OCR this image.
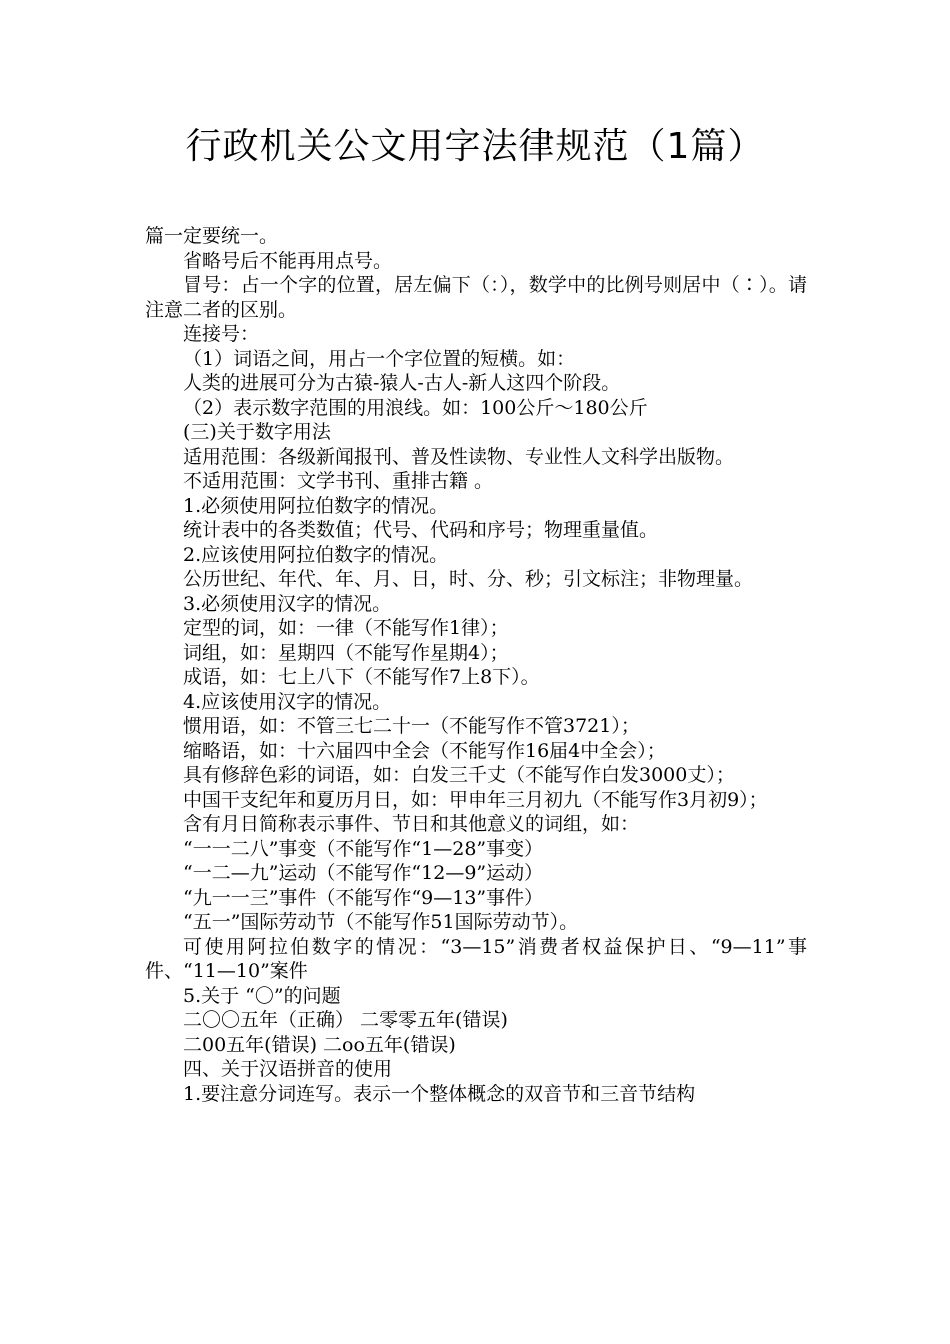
行政机关公文用字法律规范（1篇）

篇一定要统一。

省略号后不能再用点号。

冒号：占一个字的位置，居左偏下（：），数学中的比例号则居中（∶）。请注意二者的区别。

连接号：

（1）词语之间，用占一个字位置的短横。如：

人类的进展可分为古猿-猿人-古人-新人这四个阶段。

（2）表示数字范围的用浪线。如：100公斤～180公斤

(三)关于数字用法

适用范围：各级新闻报刊、普及性读物、专业性人文科学出版物。

不适用范围：文学书刊、重排古籍 。

1.必须使用阿拉伯数字的情况。

统计表中的各类数值；代号、代码和序号；物理重量值。

2.应该使用阿拉伯数字的情况。

公历世纪、年代、年、月、日，时、分、秒；引文标注；非物理量。

3.必须使用汉字的情况。

定型的词，如：一律（不能写作1律）；

词组，如：星期四（不能写作星期4）；

成语，如：七上八下（不能写作7上8下）。

4.应该使用汉字的情况。

惯用语，如：不管三七二十一（不能写作不管3721）；

缩略语，如：十六届四中全会（不能写作16届4中全会）；

具有修辞色彩的词语，如：白发三千丈（不能写作白发3000丈）；

中国干支纪年和夏历月日，如：甲申年三月初九（不能写作3月初9）；

含有月日简称表示事件、节日和其他意义的词组，如：

“一一二八”事变（不能写作“1—28”事变）

“一二—九”运动（不能写作“12—9”运动）

“九一一三”事件（不能写作“9—13”事件）

“五一”国际劳动节（不能写作51国际劳动节）。

可使用阿拉伯数字的情况：“3—15”消费者权益保护日、“9—11”事件、“11—10”案件

5.关于 “〇”的问题

二〇〇五年（正确） 二零零五年(错误)

二00五年(错误) 二oo五年(错误)

四、关于汉语拼音的使用

1.要注意分词连写。表示一个整体概念的双音节和三音节结构
